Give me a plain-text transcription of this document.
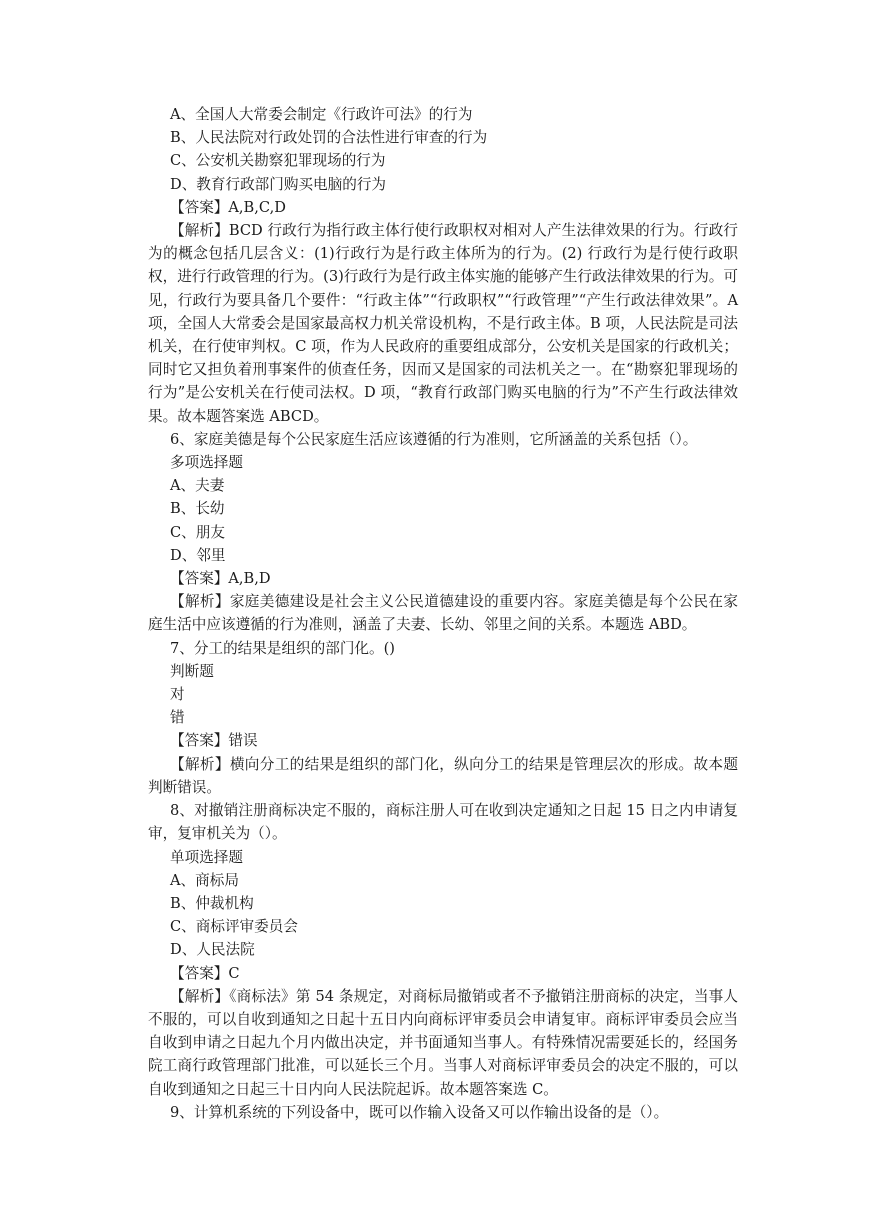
A、全国人大常委会制定《行政许可法》的行为
B、人民法院对行政处罚的合法性进行审查的行为
C、公安机关勘察犯罪现场的行为
D、教育行政部门购买电脑的行为
【答案】A,B,C,D
【解析】BCD 行政行为指行政主体行使行政职权对相对人产生法律效果的行为。行政行为的概念包括几层含义：(1)行政行为是行政主体所为的行为。(2) 行政行为是行使行政职权，进行行政管理的行为。(3)行政行为是行政主体实施的能够产生行政法律效果的行为。可见，行政行为要具备几个要件：“行政主体”“行政职权”“行政管理”“产生行政法律效果”。A 项，全国人大常委会是国家最高权力机关常设机构，不是行政主体。B 项，人民法院是司法机关，在行使审判权。C 项，作为人民政府的重要组成部分，公安机关是国家的行政机关；同时它又担负着刑事案件的侦查任务，因而又是国家的司法机关之一。在“勘察犯罪现场的行为”是公安机关在行使司法权。D 项，“教育行政部门购买电脑的行为”不产生行政法律效果。故本题答案选 ABCD。
6、家庭美德是每个公民家庭生活应该遵循的行为准则，它所涵盖的关系包括（）。
多项选择题
A、夫妻
B、长幼
C、朋友
D、邻里
【答案】A,B,D
【解析】家庭美德建设是社会主义公民道德建设的重要内容。家庭美德是每个公民在家庭生活中应该遵循的行为准则，涵盖了夫妻、长幼、邻里之间的关系。本题选 ABD。
7、分工的结果是组织的部门化。()
判断题
对
错
【答案】错误
【解析】横向分工的结果是组织的部门化，纵向分工的结果是管理层次的形成。故本题判断错误。
8、对撤销注册商标决定不服的，商标注册人可在收到决定通知之日起 15 日之内申请复审，复审机关为（）。
单项选择题
A、商标局
B、仲裁机构
C、商标评审委员会
D、人民法院
【答案】C
【解析】《商标法》第 54 条规定，对商标局撤销或者不予撤销注册商标的决定，当事人不服的，可以自收到通知之日起十五日内向商标评审委员会申请复审。商标评审委员会应当自收到申请之日起九个月内做出决定，并书面通知当事人。有特殊情况需要延长的，经国务院工商行政管理部门批准，可以延长三个月。当事人对商标评审委员会的决定不服的，可以自收到通知之日起三十日内向人民法院起诉。故本题答案选 C。
9、计算机系统的下列设备中，既可以作输入设备又可以作输出设备的是（）。
